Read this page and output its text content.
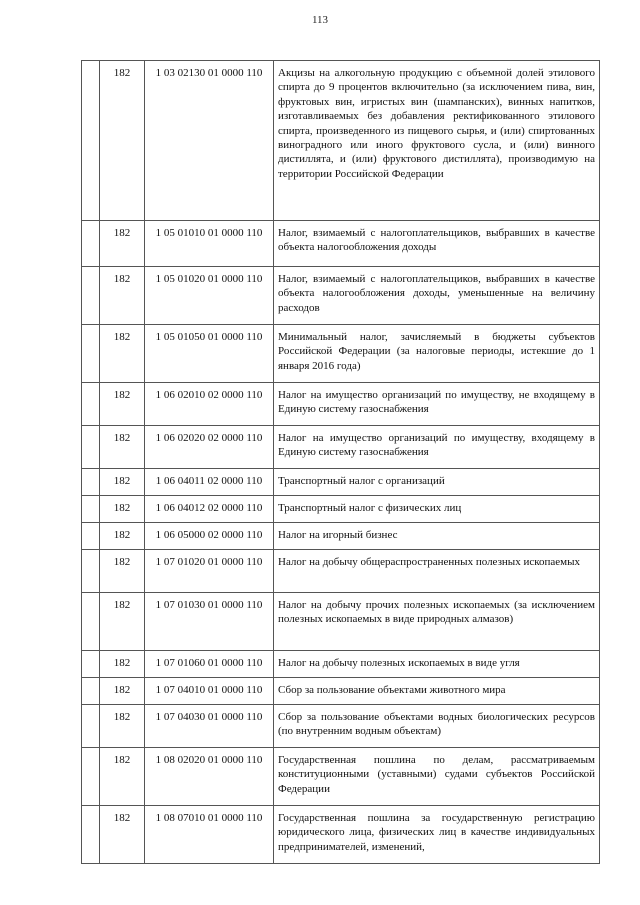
113
	182	1 03 02130 01 0000 110	Акцизы на алкогольную продукцию с объемной долей этилового спирта до 9 процентов включительно (за исключением пива, вин, фруктовых вин, игристых вин (шампанских), винных напитков, изготавливаемых без добавления ректификованного этилового спирта, произведенного из пищевого сырья, и (или) спиртованных виноградного или иного фруктового сусла, и (или) винного дистиллята, и (или) фруктового дистиллята), производимую на территории Российской Федерации
	182	1 05 01010 01 0000 110	Налог, взимаемый с налогоплательщиков, выбравших в качестве объекта налогообложения доходы
	182	1 05 01020 01 0000 110	Налог, взимаемый с налогоплательщиков, выбравших в качестве объекта налогообложения доходы, уменьшенные на величину расходов
	182	1 05 01050 01 0000 110	Минимальный налог, зачисляемый в бюджеты субъектов Российской Федерации (за налоговые периоды, истекшие до 1 января 2016 года)
	182	1 06 02010 02 0000 110	Налог на имущество организаций по имуществу, не входящему в Единую систему газоснабжения
	182	1 06 02020 02 0000 110	Налог на имущество организаций по имуществу, входящему в Единую систему газоснабжения
	182	1 06 04011 02 0000 110	Транспортный налог с организаций
	182	1 06 04012 02 0000 110	Транспортный налог с физических лиц
	182	1 06 05000 02 0000 110	Налог на игорный бизнес
	182	1 07 01020 01 0000 110	Налог на добычу общераспространенных полезных ископаемых
	182	1 07 01030 01 0000 110	Налог на добычу прочих полезных ископаемых (за исключением полезных ископаемых в виде природных алмазов)
	182	1 07 01060 01 0000 110	Налог на добычу полезных ископаемых в виде угля
	182	1 07 04010 01 0000 110	Сбор за пользование объектами животного мира
	182	1 07 04030 01 0000 110	Сбор за пользование объектами водных биологических ресурсов (по внутренним водным объектам)
	182	1 08 02020 01 0000 110	Государственная пошлина по делам, рассматриваемым конституционными (уставными) судами субъектов Российской Федерации
	182	1 08 07010 01 0000 110	Государственная пошлина за государственную регистрацию юридического лица, физических лиц в качестве индивидуальных предпринимателей, изменений,
